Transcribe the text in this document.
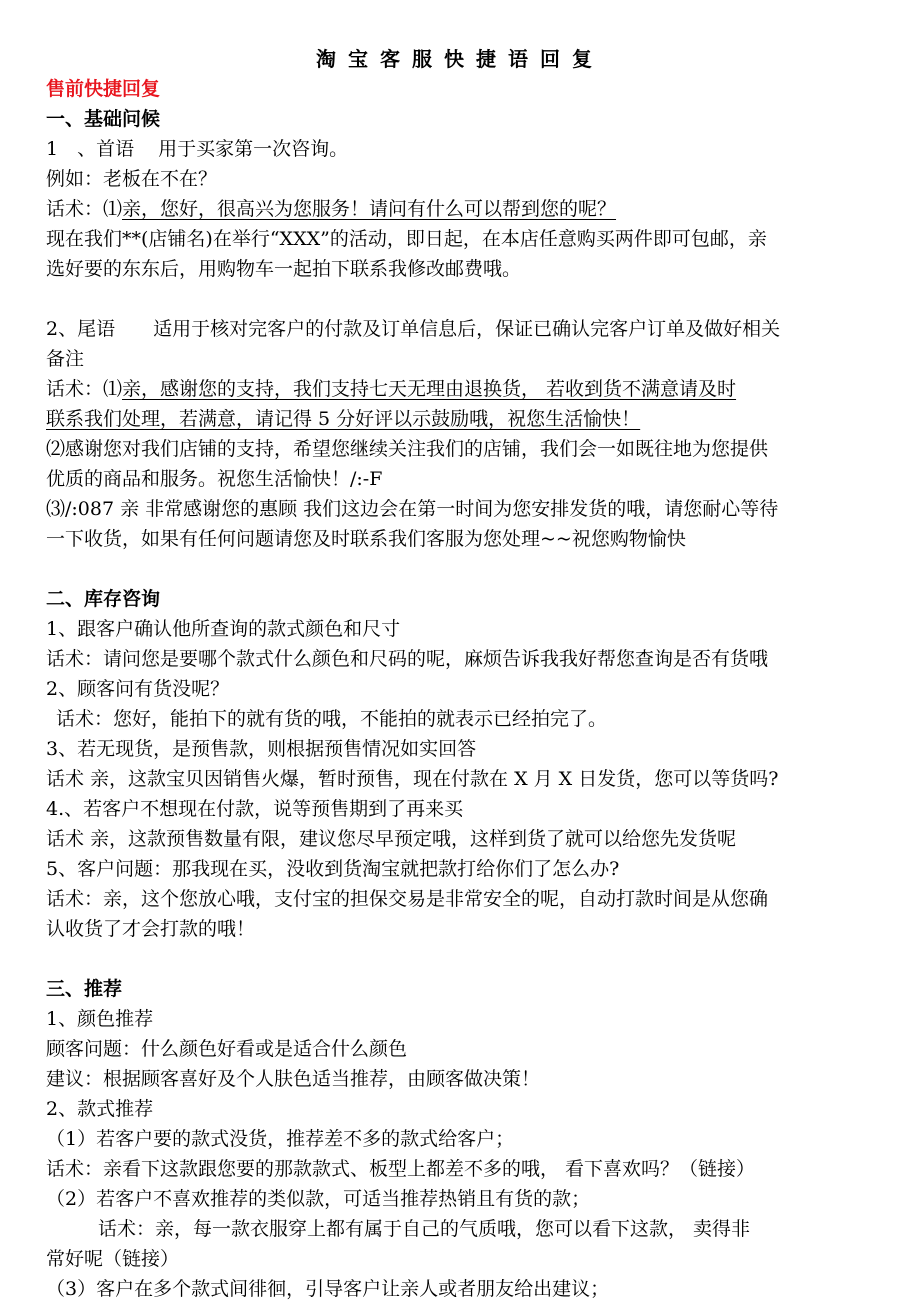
淘宝客服快捷语回复
售前快捷回复
一、基础问候
1　、首语 用于买家第一次咨询。
例如：老板在不在？
话术：⑴亲，您好，很高兴为您服务！请问有什么可以帮到您的呢？
现在我们**(店铺名)在举行“XXX”的活动，即日起，在本店任意购买两件即可包邮，亲
选好要的东东后，用购物车一起拍下联系我修改邮费哦。
2、尾语 适用于核对完客户的付款及订单信息后，保证已确认完客户订单及做好相关
备注
话术：⑴亲，感谢您的支持，我们支持七天无理由退换货， 若收到货不满意请及时
联系我们处理，若满意，请记得 5 分好评以示鼓励哦，祝您生活愉快！
⑵感谢您对我们店铺的支持，希望您继续关注我们的店铺，我们会一如既往地为您提供
优质的商品和服务。祝您生活愉快！/:-F
⑶/:087 亲 非常感谢您的惠顾 我们这边会在第一时间为您安排发货的哦，请您耐心等待
一下收货，如果有任何问题请您及时联系我们客服为您处理~~祝您购物愉快
二、库存咨询
1、跟客户确认他所查询的款式颜色和尺寸
话术：请问您是要哪个款式什么颜色和尺码的呢，麻烦告诉我我好帮您查询是否有货哦
2、顾客问有货没呢？
话术：您好，能拍下的就有货的哦，不能拍的就表示已经拍完了。
3、若无现货，是预售款，则根据预售情况如实回答
话术 亲，这款宝贝因销售火爆，暂时预售，现在付款在 X 月 X 日发货，您可以等货吗?
4.、若客户不想现在付款，说等预售期到了再来买
话术 亲，这款预售数量有限，建议您尽早预定哦，这样到货了就可以给您先发货呢
5、客户问题：那我现在买，没收到货淘宝就把款打给你们了怎么办?
话术：亲，这个您放心哦，支付宝的担保交易是非常安全的呢，自动打款时间是从您确
认收货了才会打款的哦！
三、推荐
1、颜色推荐
顾客问题：什么颜色好看或是适合什么颜色
建议：根据顾客喜好及个人肤色适当推荐，由顾客做决策！
2、款式推荐
（1）若客户要的款式没货，推荐差不多的款式给客户；
话术：亲看下这款跟您要的那款款式、板型上都差不多的哦， 看下喜欢吗？（链接）
（2）若客户不喜欢推荐的类似款，可适当推荐热销且有货的款；
话术：亲，每一款衣服穿上都有属于自己的气质哦，您可以看下这款， 卖得非
常好呢（链接）
（3）客户在多个款式间徘徊，引导客户让亲人或者朋友给出建议；
